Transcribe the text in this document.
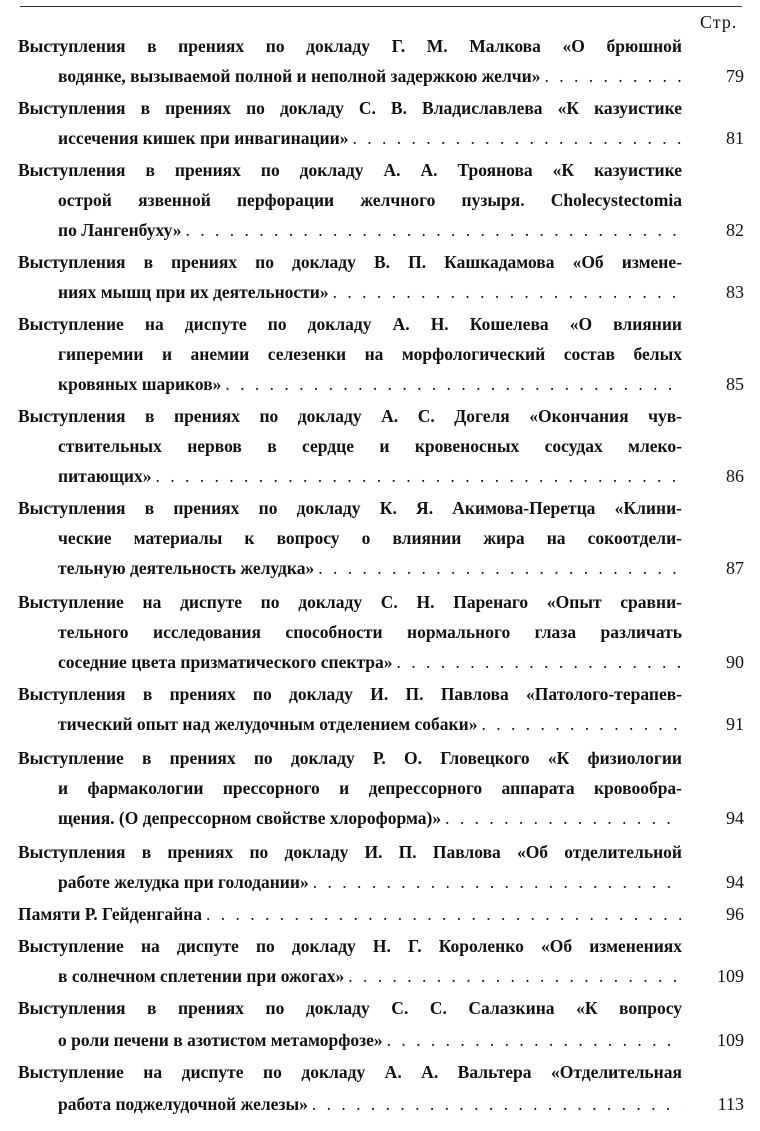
Стр.
Выступления в прениях по докладу Г. М. Малкова «О брюшной
водянке, вызываемой полной и неполной задержкою желчи» . . .	79
Выступления в прениях по докладу С. В. Владиславлева «К казуистике
иссечения кишек при инвагинации» . . .	81
Выступления в прениях по докладу А. А. Троянова «К казуистике
острой язвенной перфорации желчного пузыря. Cholecystectomia
по Лангенбуху» . . .	82
Выступления в прениях по докладу В. П. Кашкадамова «Об измене-
ниях мышц при их деятельности» . . .	83
Выступление на диспуте по докладу А. Н. Кошелева «О влиянии
гиперемии и анемии селезенки на морфологический состав белых
кровяных шариков» . . .	85
Выступления в прениях по докладу А. С. Догеля «Окончания чув-
ствительных нервов в сердце и кровеносных сосудах млеко-
питающих» . . .	86
Выступления в прениях по докладу К. Я. Акимова-Перетца «Клини-
ческие материалы к вопросу о влиянии жира на сокоотдели-
тельную деятельность желудка» . . .	87
Выступление на диспуте по докладу С. Н. Паренаго «Опыт сравни-
тельного исследования способности нормального глаза различать
соседние цвета призматического спектра» . . .	90
Выступления в прениях по докладу И. П. Павлова «Патолого-терапев-
тический опыт над желудочным отделением собаки» . . .	91
Выступление в прениях по докладу Р. О. Гловецкого «К физиологии
и фармакологии прессорного и депрессорного аппарата кровообра-
щения. (О депрессорном свойстве хлороформа)» . . .	94
Выступления в прениях по докладу И. П. Павлова «Об отделительной
работе желудка при голодании» . . .	94
Памяти Р. Гейденгайна . . .	96
Выступление на диспуте по докладу Н. Г. Короленко «Об изменениях
в солнечном сплетении при ожогах» . . .	109
Выступления в прениях по докладу С. С. Салазкина «К вопросу
о роли печени в азотистом метаморфозе» . . .	109
Выступление на диспуте по докладу А. А. Вальтера «Отделительная
работа поджелудочной железы» . . .	113
